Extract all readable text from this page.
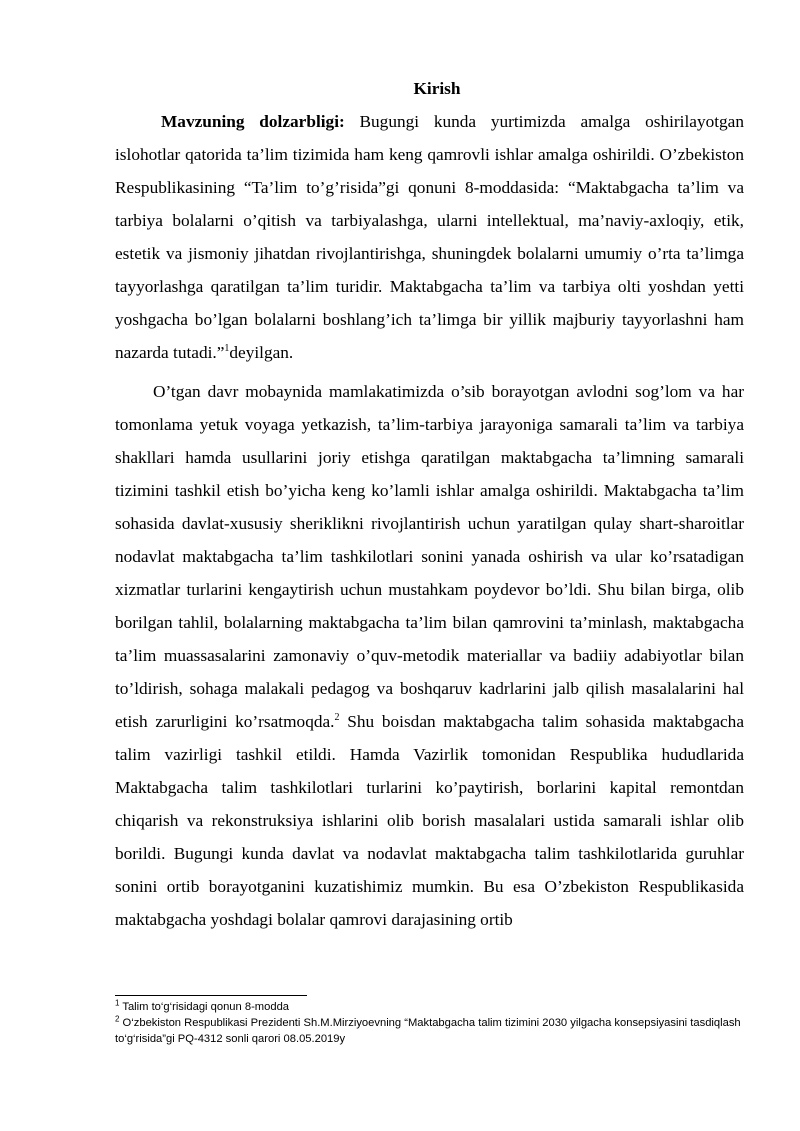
Kirish

Mavzuning dolzarbligi: Bugungi kunda yurtimizda amalga oshirilayotgan islohotlar qatorida ta’lim tizimida ham keng qamrovli ishlar amalga oshirildi. O’zbekiston Respublikasining “Ta’lim to’g’risida”gi qonuni 8-moddasida: “Maktabgacha ta’lim va tarbiya bolalarni o’qitish va tarbiyalashga, ularni intellektual, ma’naviy-axloqiy, etik, estetik va jismoniy jihatdan rivojlantirishga, shuningdek bolalarni umumiy o’rta ta’limga tayyorlashga qaratilgan ta’lim turidir. Maktabgacha ta’lim va tarbiya olti yoshdan yetti yoshgacha bo’lgan bolalarni boshlang’ich ta’limga bir yillik majburiy tayyorlashni ham nazarda tutadi.”$^1$deyilgan.

O’tgan davr mobaynida mamlakatimizda o’sib borayotgan avlodni sog’lom va har tomonlama yetuk voyaga yetkazish, ta’lim-tarbiya jarayoniga samarali ta’lim va tarbiya shakllari hamda usullarini joriy etishga qaratilgan maktabgacha ta’limning samarali tizimini tashkil etish bo’yicha keng ko’lamli ishlar amalga oshirildi. Maktabgacha ta’lim sohasida davlat-xususiy sheriklikni rivojlantirish uchun yaratilgan qulay shart-sharoitlar nodavlat maktabgacha ta’lim tashkilotlari sonini yanada oshirish va ular ko’rsatadigan xizmatlar turlarini kengaytirish uchun mustahkam poydevor bo’ldi. Shu bilan birga, olib borilgan tahlil, bolalarning maktabgacha ta’lim bilan qamrovini ta’minlash, maktabgacha ta’lim muassasalarini zamonaviy o’quv-metodik materiallar va badiiy adabiyotlar bilan to’ldirish, sohaga malakali pedagog va boshqaruv kadrlarini jalb qilish masalalarini hal etish zarurligini ko’rsatmoqda.$^2$ Shu boisdan maktabgacha talim sohasida maktabgacha talim vazirligi tashkil etildi. Hamda Vazirlik tomonidan Respublika hududlarida Maktabgacha talim tashkilotlari turlarini ko’paytirish, borlarini kapital remontdan chiqarish va rekonstruksiya ishlarini olib borish masalalari ustida samarali ishlar olib borildi. Bugungi kunda davlat va nodavlat maktabgacha talim tashkilotlarida guruhlar sonini ortib borayotganini kuzatishimiz mumkin. Bu esa O’zbekiston Respublikasida maktabgacha yoshdagi bolalar qamrovi darajasining ortib

$^1$ Talim to‘g‘risidagi qonun 8-modda

$^2$ O‘zbekiston Respublikasi Prezidenti Sh.M.Mirziyoevning “Maktabgacha talim tizimini 2030 yilgacha konsepsiyasini tasdiqlash to‘g‘risida”gi PQ-4312 sonli qarori 08.05.2019y
